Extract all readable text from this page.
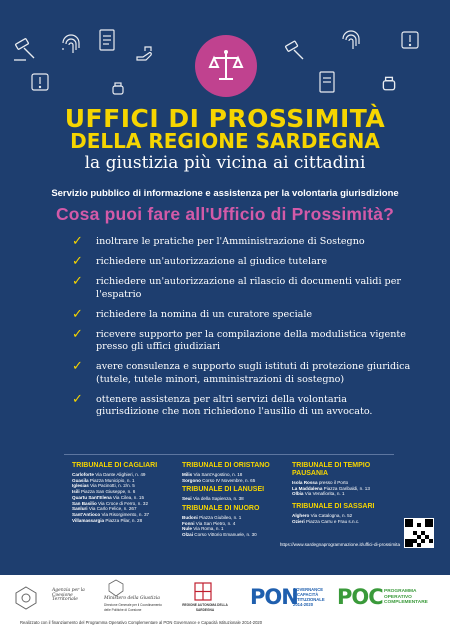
UFFICI DI PROSSIMITÀ
DELLA REGIONE SARDEGNA
la giustizia più vicina ai cittadini
Servizio pubblico di informazione e assistenza per la volontaria giurisdizione
Cosa puoi fare all'Ufficio di Prossimità?
✓ inoltrare le pratiche per l'Amministrazione di Sostegno
✓ richiedere un'autorizzazione al giudice tutelare
✓ richiedere un'autorizzazione al rilascio di documenti validi per l'espatrio
✓ richiedere la nomina di un curatore speciale
✓ ricevere supporto per la compilazione della modulistica vigente presso gli uffici giudiziari
✓ avere consulenza e supporto sugli istituti di protezione giuridica (tutele, tutele minori, amministrazioni di sostegno)
✓ ottenere assistenza per altri servizi della volontaria giurisdizione che non richiedono l'ausilio di un avvocato.
TRIBUNALE DI CAGLIARI
Carloforte Via Dante Alighieri, n. 49
Guasila Piazza Municipio, n. 1
Iglesias Via Pacinotti, n. 2/n. 5
Isili Piazza San Giuseppe, n. 6
Quartu Sant'Elena Via Cilea, n. 15
San Basilio Via Croce di Ferro, n. 32
Sanluri Via Carlo Felice, n. 267
Sant'Antioco Via Risorgimento, n. 37
Villamassargia Piazza Pilar, n. 28
TRIBUNALE DI ORISTANO
Milis Via Sant'Agostino, n. 18
Sorgono Corso IV Novembre, n. 65
TRIBUNALE DI LANUSEI
Seui Via della Sapienza, n. 38
TRIBUNALE DI NUORO
Budoni Piazza Giubileo, n. 1
Fonni Via San Pietro, n. 4
Nule Via Roma, n. 1
Olzai Corso Vittorio Emanuele, n. 30
TRIBUNALE DI TEMPIO PAUSANIA
Isola Rossa presso il Porto
La Maddalena Piazza Garibaldi, n. 13
Olbia Via Venafiorita, n. 1
TRIBUNALE DI SASSARI
Alghero Via Catalogna, n. 52
Ozieri Piazza Carru e Frau s.n.c.
https://www.sardegnaprogrammazione.it/uffici-di-prossimita
Agenzia per la Coesione Territoriale	Ministero della Giustizia
Direzione Generale per il Coordinamento delle Politiche di Coesione
REGIONE AUTONOMA DELLA SARDEGNA
PON
GOVERNANCE
E CAPACITÀ
ISTITUZIONALE
2014-2020	POC PROGRAMMA
OPERATIVO
COMPLEMENTARE
Realizzato con il finanziamento del Programma Operativo Complementare al PON Governance e Capacità Istituzionale 2014-2020
